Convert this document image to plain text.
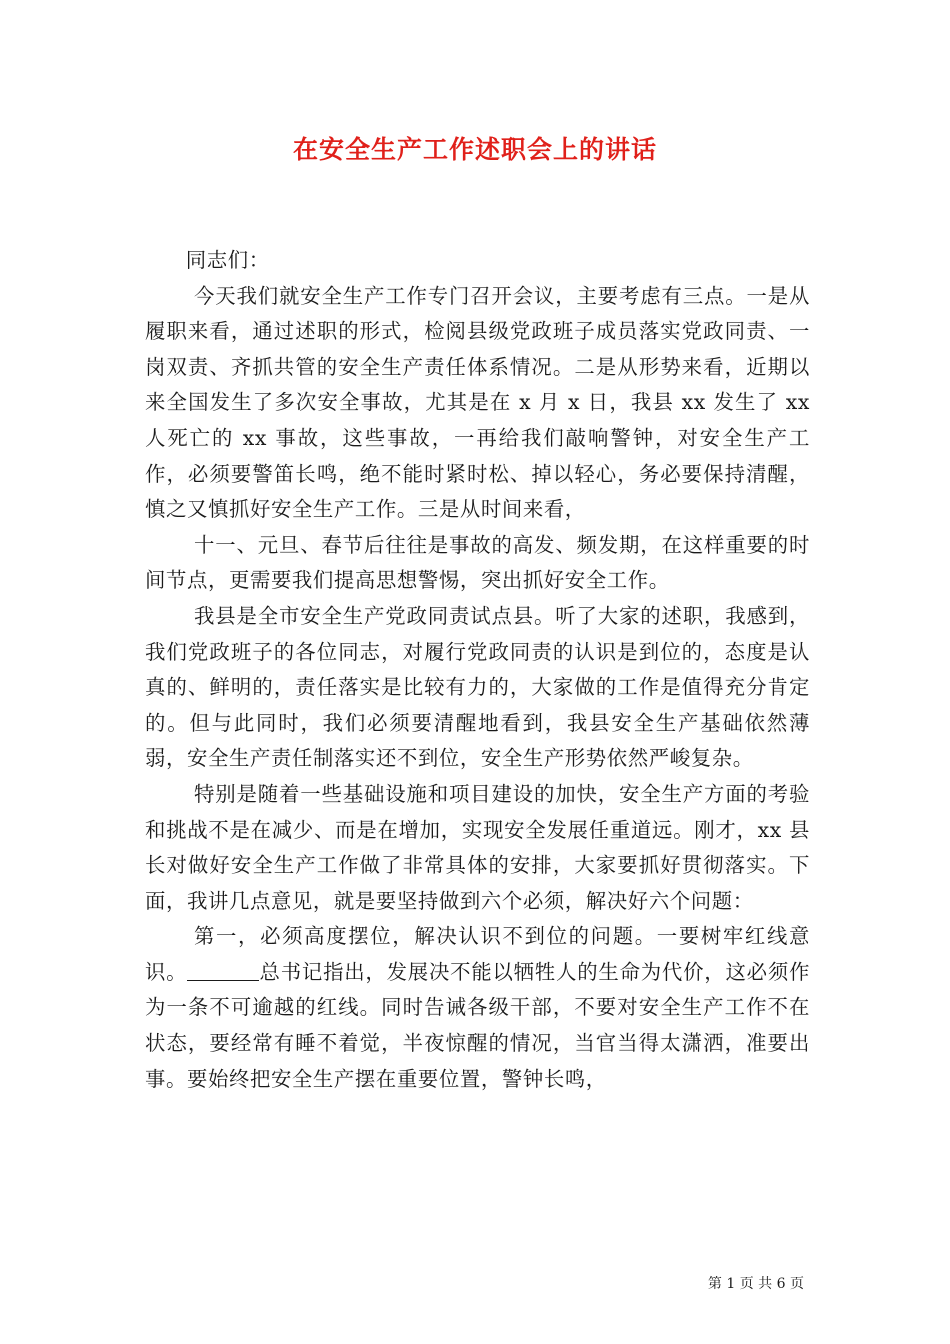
在安全生产工作述职会上的讲话

同志们：

今天我们就安全生产工作专门召开会议，主要考虑有三点。一是从履职来看，通过述职的形式，检阅县级党政班子成员落实党政同责、一岗双责、齐抓共管的安全生产责任体系情况。二是从形势来看，近期以来全国发生了多次安全事故，尤其是在 x 月 x 日，我县 xx 发生了 xx 人死亡的 xx 事故，这些事故，一再给我们敲响警钟，对安全生产工作，必须要警笛长鸣，绝不能时紧时松、掉以轻心，务必要保持清醒，慎之又慎抓好安全生产工作。三是从时间来看，

十一、元旦、春节后往往是事故的高发、频发期，在这样重要的时间节点，更需要我们提高思想警惕，突出抓好安全工作。

我县是全市安全生产党政同责试点县。听了大家的述职，我感到，我们党政班子的各位同志，对履行党政同责的认识是到位的，态度是认真的、鲜明的，责任落实是比较有力的，大家做的工作是值得充分肯定的。但与此同时，我们必须要清醒地看到，我县安全生产基础依然薄弱，安全生产责任制落实还不到位，安全生产形势依然严峻复杂。

特别是随着一些基础设施和项目建设的加快，安全生产方面的考验和挑战不是在减少、而是在增加，实现安全发展任重道远。刚才，xx 县长对做好安全生产工作做了非常具体的安排，大家要抓好贯彻落实。下面，我讲几点意见，就是要坚持做到六个必须，解决好六个问题：

第一，必须高度摆位，解决认识不到位的问题。一要树牢红线意识。	总书记指出，发展决不能以牺牲人的生命为代价，这必须作为一条不可逾越的红线。同时告诫各级干部，不要对安全生产工作不在状态，要经常有睡不着觉，半夜惊醒的情况，当官当得太潇洒，准要出事。要始终把安全生产摆在重要位置，警钟长鸣，

第 1 页 共 6 页
